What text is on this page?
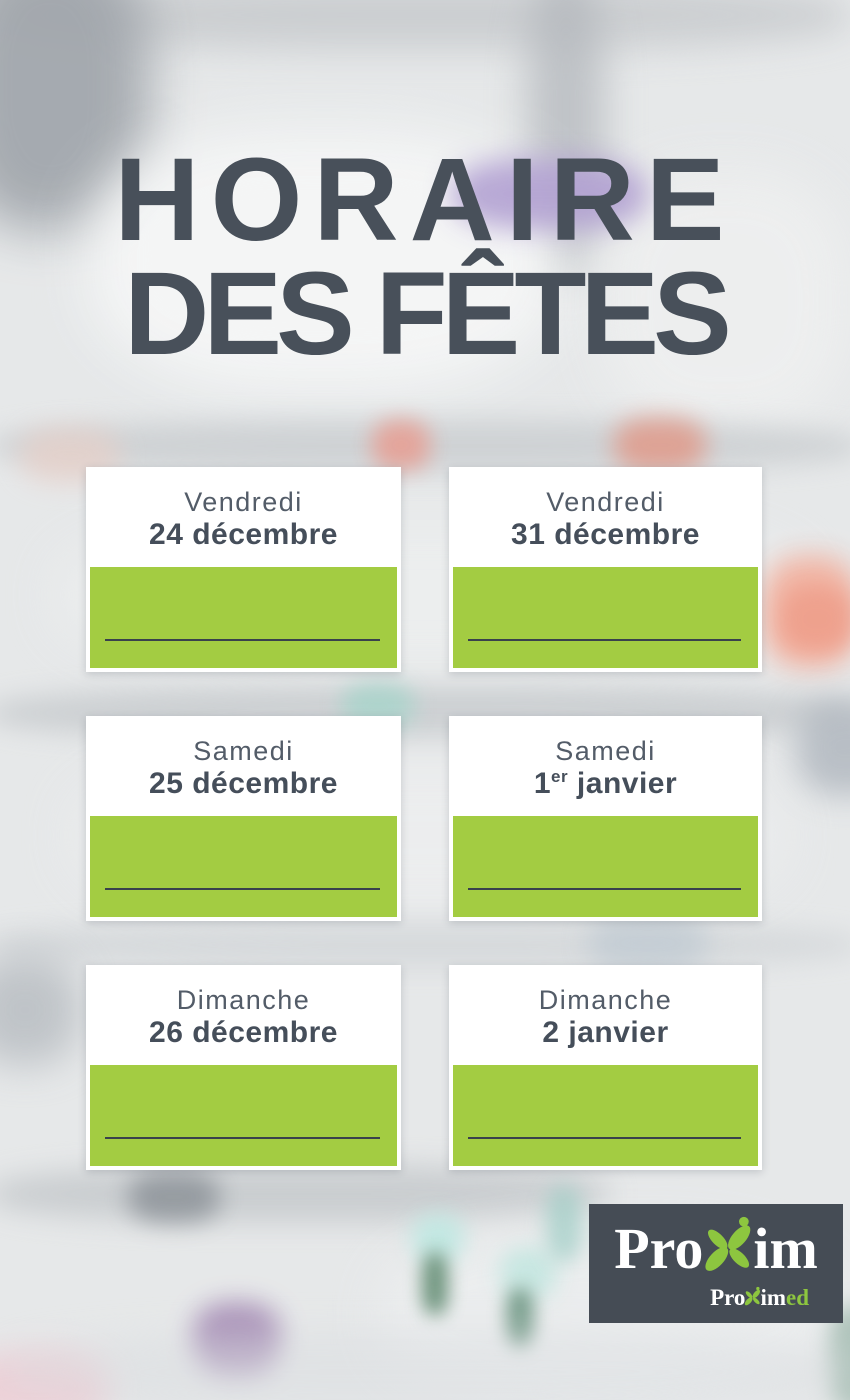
HORAIRE
DES FÊTES
Vendredi
24 décembre
Vendredi
31 décembre
Samedi
25 décembre
Samedi
1er janvier
Dimanche
26 décembre
Dimanche
2 janvier
Pro im
Pro im ed
